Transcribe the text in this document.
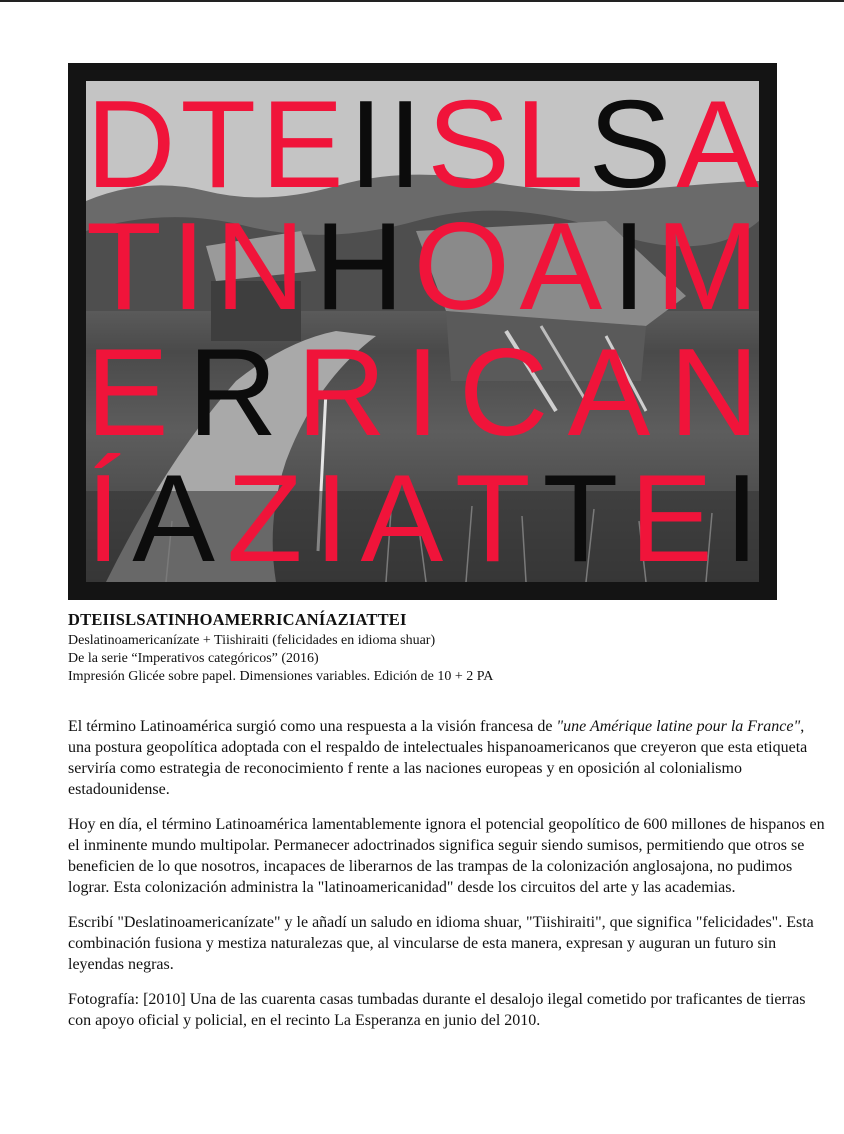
D T E I I S L S A
T I N H O A I M
E R R I C A N
Í A Z I A T T E I
DTEIISLSATINHOAMERRICANÍAZIATTEI
Deslatinoamericanízate + Tiishiraiti (felicidades en idioma shuar)
De la serie “Imperativos categóricos” (2016)
Impresión Glicée sobre papel. Dimensiones variables. Edición de 10 + 2 PA

El término Latinoamérica surgió como una respuesta a la visión francesa de "une Amérique latine pour la France", una postura geopolítica adoptada con el respaldo de intelectuales hispanoamericanos que creyeron que esta etiqueta serviría como estrategia de reconocimiento f rente a las naciones europeas y en oposición al colonialismo estadounidense.

Hoy en día, el término Latinoamérica lamentablemente ignora el potencial geopolítico de 600 millones de hispanos en el inminente mundo multipolar. Permanecer adoctrinados significa seguir siendo sumisos, permitiendo que otros se beneficien de lo que nosotros, incapaces de liberarnos de las trampas de la colonización anglosajona, no pudimos lograr. Esta colonización administra la "latinoamericanidad" desde los circuitos del arte y las academias.

Escribí "Deslatinoamericanízate" y le añadí un saludo en idioma shuar, "Tiishiraiti", que significa "felicidades". Esta combinación fusiona y mestiza naturalezas que, al vincularse de esta manera, expresan y auguran un futuro sin leyendas negras.

Fotografía: [2010] Una de las cuarenta casas tumbadas durante el desalojo ilegal cometido por traficantes de tierras con apoyo oficial y policial, en el recinto La Esperanza en junio del 2010.
